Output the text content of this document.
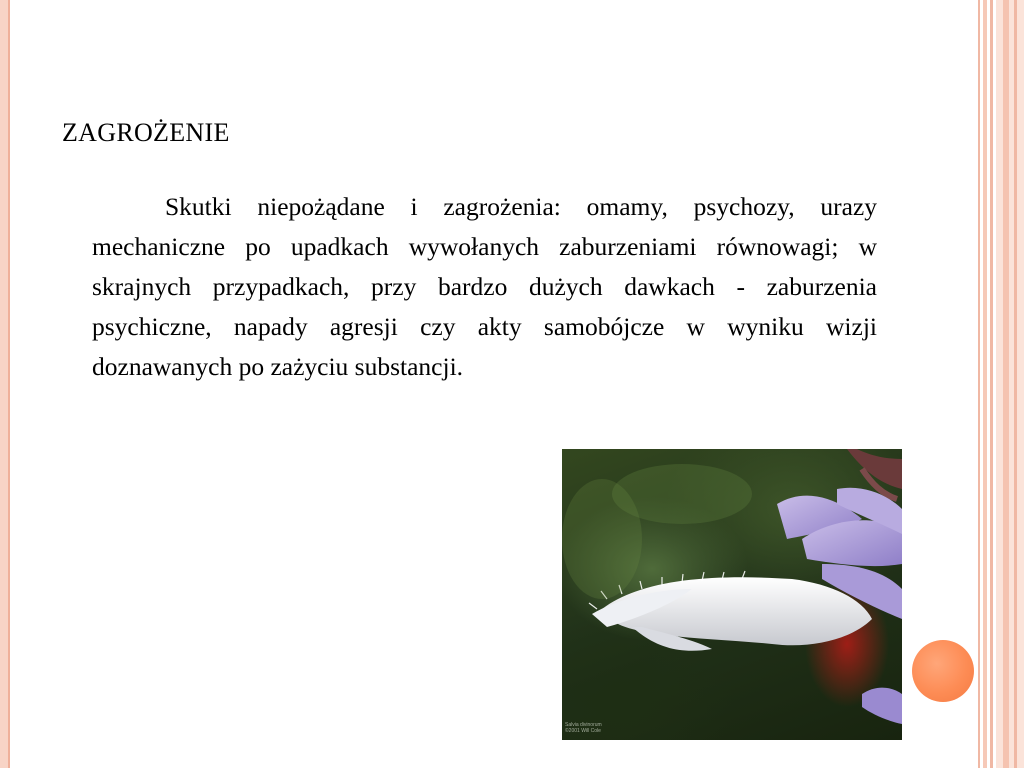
ZAGROŻENIE
Skutki niepożądane i zagrożenia: omamy, psychozy, urazy mechaniczne po upadkach wywołanych zaburzeniami równowagi; w skrajnych przypadkach, przy bardzo dużych dawkach - zaburzenia psychiczne, napady agresji czy akty samobójcze w wyniku wizji doznawanych po zażyciu substancji.
Salvia divinorum
©2001 Will Cole
